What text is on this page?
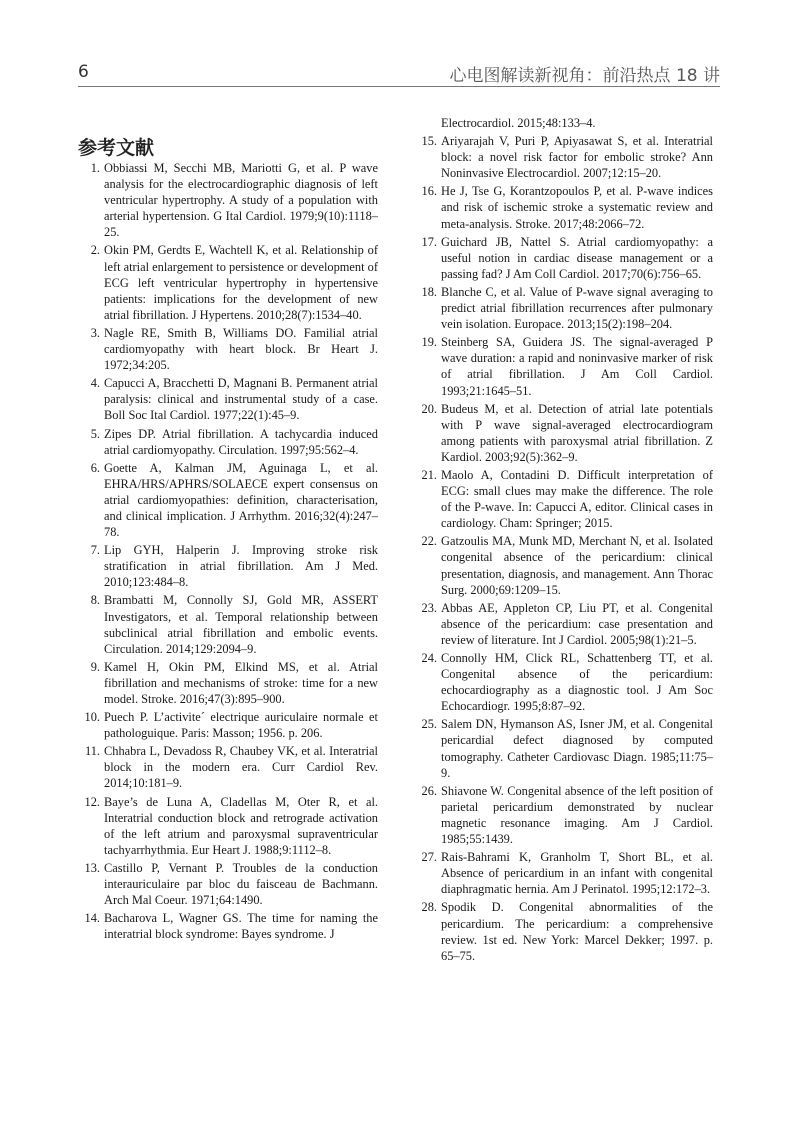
6	心电图解读新视角：前沿热点 18 讲
参考文献
1. Obbiassi M, Secchi MB, Mariotti G, et al. P wave analysis for the electrocardiographic diagnosis of left ventricular hypertrophy. A study of a population with arterial hypertension. G Ital Cardiol. 1979;9(10):1118–25.
2. Okin PM, Gerdts E, Wachtell K, et al. Relationship of left atrial enlargement to persistence or development of ECG left ventricular hypertrophy in hypertensive patients: implications for the development of new atrial fibrillation. J Hypertens. 2010;28(7):1534–40.
3. Nagle RE, Smith B, Williams DO. Familial atrial cardiomyopathy with heart block. Br Heart J. 1972;34:205.
4. Capucci A, Bracchetti D, Magnani B. Permanent atrial paralysis: clinical and instrumental study of a case. Boll Soc Ital Cardiol. 1977;22(1):45–9.
5. Zipes DP. Atrial fibrillation. A tachycardia induced atrial cardiomyopathy. Circulation. 1997;95:562–4.
6. Goette A, Kalman JM, Aguinaga L, et al. EHRA/HRS/APHRS/SOLAECE expert consensus on atrial cardiomyopathies: definition, characterisation, and clinical implication. J Arrhythm. 2016;32(4):247–78.
7. Lip GYH, Halperin J. Improving stroke risk stratification in atrial fibrillation. Am J Med. 2010;123:484–8.
8. Brambatti M, Connolly SJ, Gold MR, ASSERT Investigators, et al. Temporal relationship between subclinical atrial fibrillation and embolic events. Circulation. 2014;129:2094–9.
9. Kamel H, Okin PM, Elkind MS, et al. Atrial fibrillation and mechanisms of stroke: time for a new model. Stroke. 2016;47(3):895–900.
10. Puech P. L’activite´ electrique auriculaire normale et pathologuique. Paris: Masson; 1956. p. 206.
11. Chhabra L, Devadoss R, Chaubey VK, et al. Interatrial block in the modern era. Curr Cardiol Rev. 2014;10:181–9.
12. Baye’s de Luna A, Cladellas M, Oter R, et al. Interatrial conduction block and retrograde activation of the left atrium and paroxysmal supraventricular tachyarrhythmia. Eur Heart J. 1988;9:1112–8.
13. Castillo P, Vernant P. Troubles de la conduction interauriculaire par bloc du faisceau de Bachmann. Arch Mal Coeur. 1971;64:1490.
14. Bacharova L, Wagner GS. The time for naming the interatrial block syndrome: Bayes syndrome. J
Electrocardiol. 2015;48:133–4.
15. Ariyarajah V, Puri P, Apiyasawat S, et al. Interatrial block: a novel risk factor for embolic stroke? Ann Noninvasive Electrocardiol. 2007;12:15–20.
16. He J, Tse G, Korantzopoulos P, et al. P-wave indices and risk of ischemic stroke a systematic review and meta-analysis. Stroke. 2017;48:2066–72.
17. Guichard JB, Nattel S. Atrial cardiomyopathy: a useful notion in cardiac disease management or a passing fad? J Am Coll Cardiol. 2017;70(6):756–65.
18. Blanche C, et al. Value of P-wave signal averaging to predict atrial fibrillation recurrences after pulmonary vein isolation. Europace. 2013;15(2):198–204.
19. Steinberg SA, Guidera JS. The signal-averaged P wave duration: a rapid and noninvasive marker of risk of atrial fibrillation. J Am Coll Cardiol. 1993;21:1645–51.
20. Budeus M, et al. Detection of atrial late potentials with P wave signal-averaged electrocardiogram among patients with paroxysmal atrial fibrillation. Z Kardiol. 2003;92(5):362–9.
21. Maolo A, Contadini D. Difficult interpretation of ECG: small clues may make the difference. The role of the P-wave. In: Capucci A, editor. Clinical cases in cardiology. Cham: Springer; 2015.
22. Gatzoulis MA, Munk MD, Merchant N, et al. Isolated congenital absence of the pericardium: clinical presentation, diagnosis, and management. Ann Thorac Surg. 2000;69:1209–15.
23. Abbas AE, Appleton CP, Liu PT, et al. Congenital absence of the pericardium: case presentation and review of literature. Int J Cardiol. 2005;98(1):21–5.
24. Connolly HM, Click RL, Schattenberg TT, et al. Congenital absence of the pericardium: echocardiography as a diagnostic tool. J Am Soc Echocardiogr. 1995;8:87–92.
25. Salem DN, Hymanson AS, Isner JM, et al. Congenital pericardial defect diagnosed by computed tomography. Catheter Cardiovasc Diagn. 1985;11:75–9.
26. Shiavone W. Congenital absence of the left position of parietal pericardium demonstrated by nuclear magnetic resonance imaging. Am J Cardiol. 1985;55:1439.
27. Rais-Bahrami K, Granholm T, Short BL, et al. Absence of pericardium in an infant with congenital diaphragmatic hernia. Am J Perinatol. 1995;12:172–3.
28. Spodik D. Congenital abnormalities of the pericardium. The pericardium: a comprehensive review. 1st ed. New York: Marcel Dekker; 1997. p. 65–75.
